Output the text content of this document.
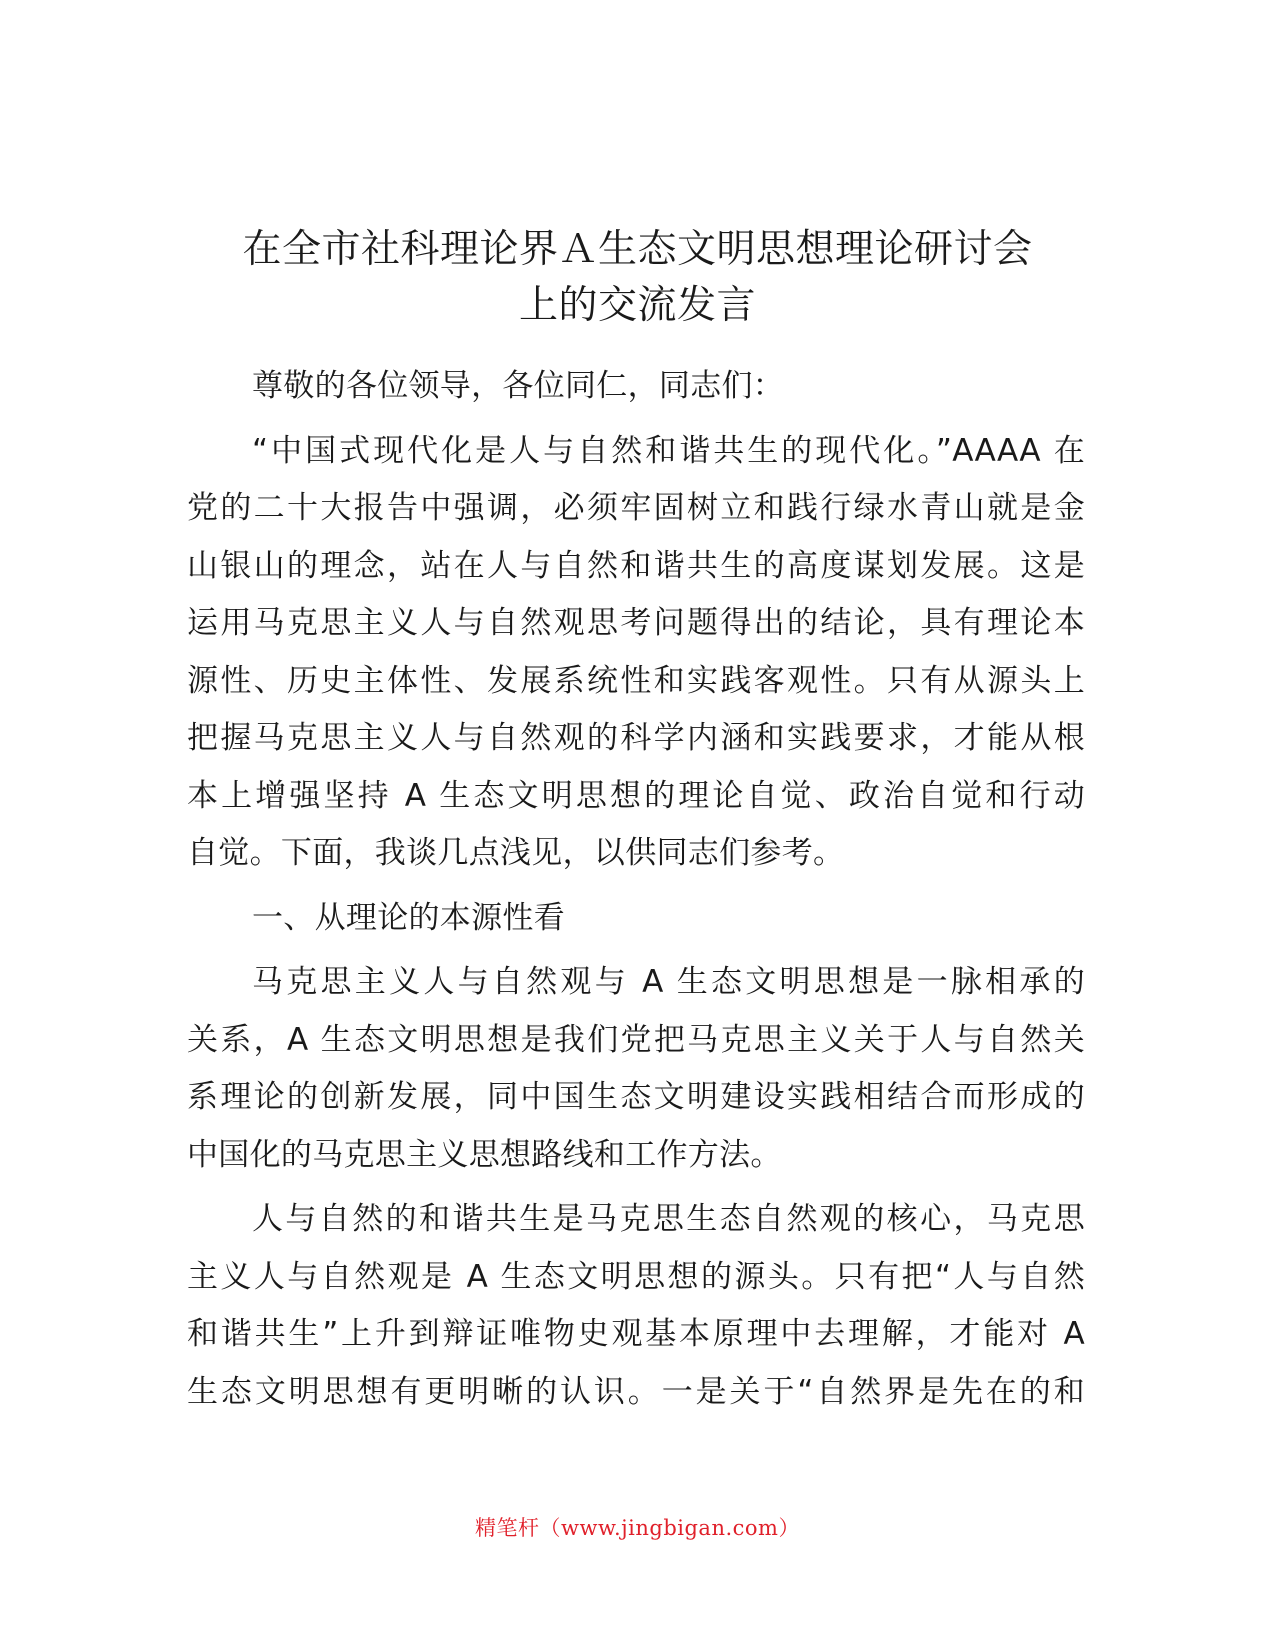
在全市社科理论界Ａ生态文明思想理论研讨会
上的交流发言
尊敬的各位领导，各位同仁，同志们：
“中国式现代化是人与自然和谐共生的现代化。”AAAA 在
党的二十大报告中强调，必须牢固树立和践行绿水青山就是金
山银山的理念，站在人与自然和谐共生的高度谋划发展。这是
运用马克思主义人与自然观思考问题得出的结论，具有理论本
源性、历史主体性、发展系统性和实践客观性。只有从源头上
把握马克思主义人与自然观的科学内涵和实践要求，才能从根
本上增强坚持 A 生态文明思想的理论自觉、政治自觉和行动
自觉。下面，我谈几点浅见，以供同志们参考。
一、从理论的本源性看
马克思主义人与自然观与 A 生态文明思想是一脉相承的
关系，A 生态文明思想是我们党把马克思主义关于人与自然关
系理论的创新发展，同中国生态文明建设实践相结合而形成的
中国化的马克思主义思想路线和工作方法。
人与自然的和谐共生是马克思生态自然观的核心，马克思
主义人与自然观是 A 生态文明思想的源头。只有把“人与自然
和谐共生”上升到辩证唯物史观基本原理中去理解，才能对 A
生态文明思想有更明晰的认识。一是关于“自然界是先在的和
精笔杆（www.jingbigan.com）
